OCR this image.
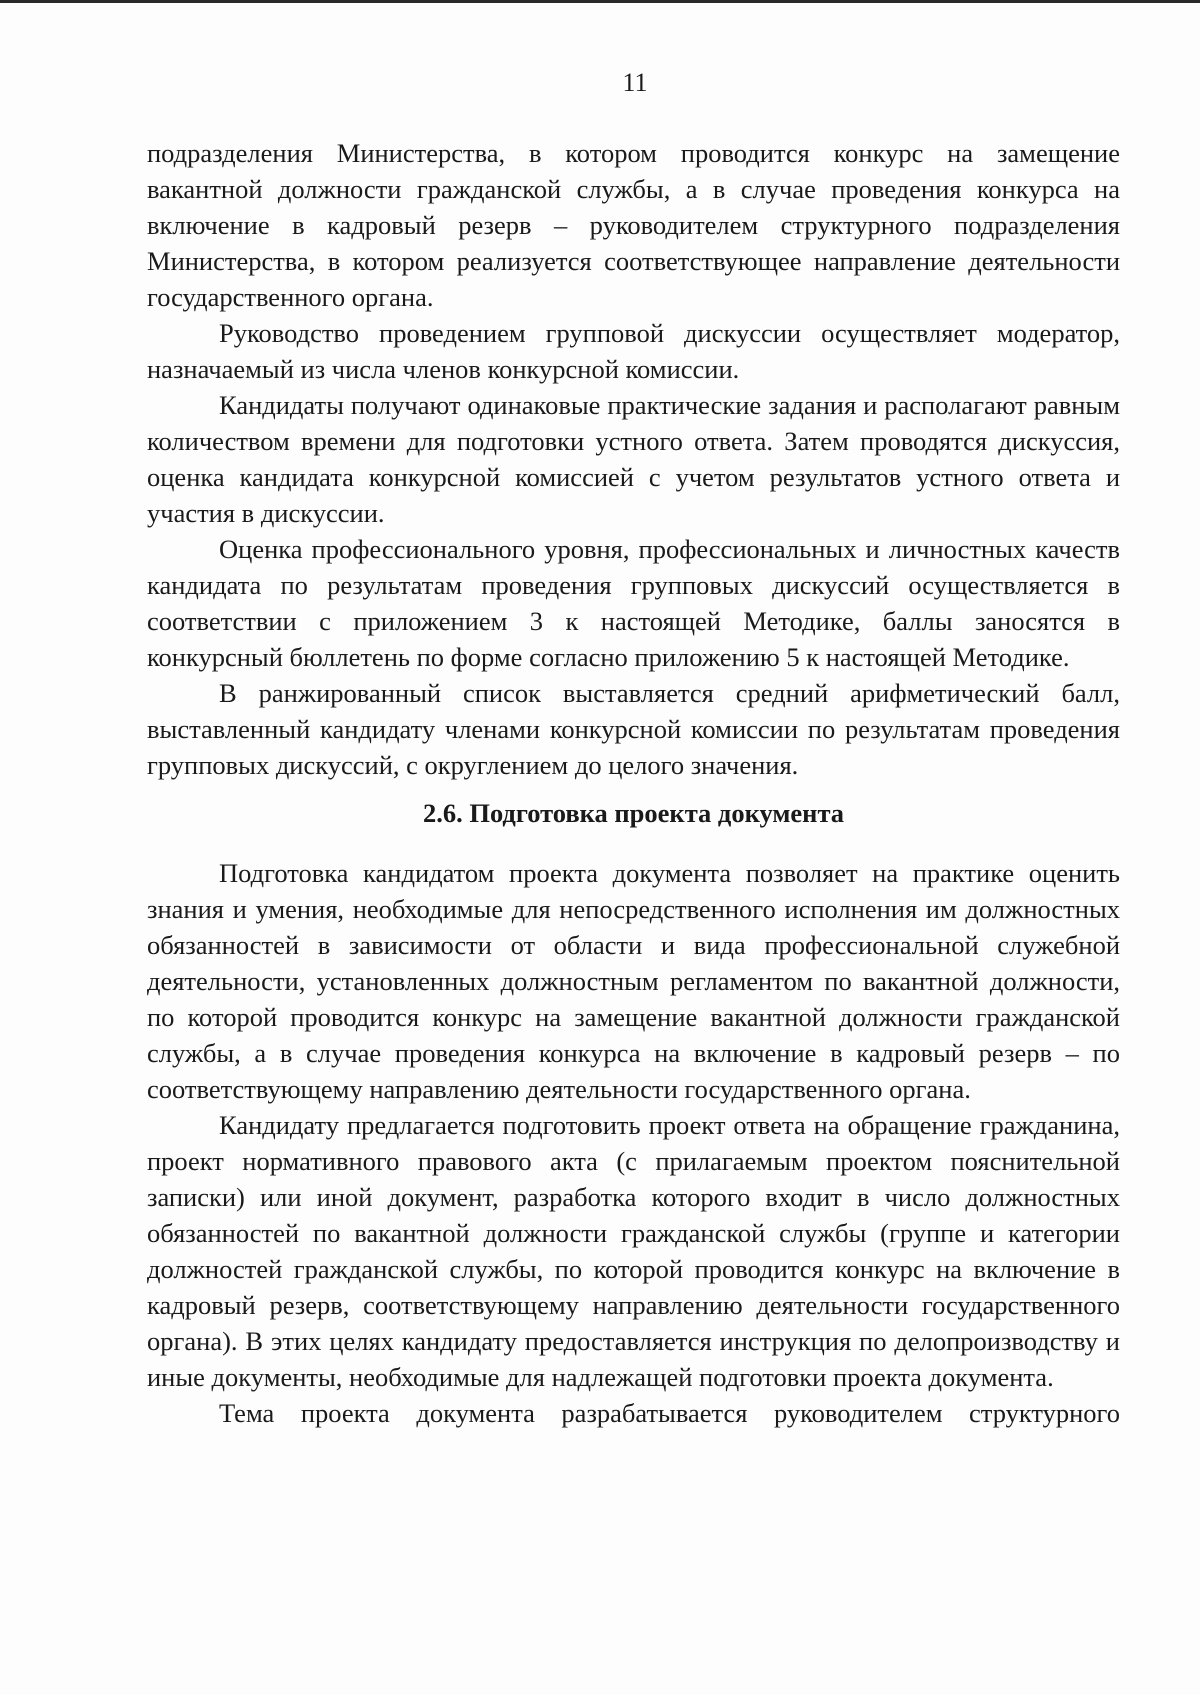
11

подразделения Министерства, в котором проводится конкурс на замещение вакантной должности гражданской службы, а в случае проведения конкурса на включение в кадровый резерв – руководителем структурного подразделения Министерства, в котором реализуется соответствующее направление деятельности государственного органа.

Руководство проведением групповой дискуссии осуществляет модератор, назначаемый из числа членов конкурсной комиссии.

Кандидаты получают одинаковые практические задания и располагают равным количеством времени для подготовки устного ответа. Затем проводятся дискуссия, оценка кандидата конкурсной комиссией с учетом результатов устного ответа и участия в дискуссии.

Оценка профессионального уровня, профессиональных и личностных качеств кандидата по результатам проведения групповых дискуссий осуществляется в соответствии с приложением 3 к настоящей Методике, баллы заносятся в конкурсный бюллетень по форме согласно приложению 5 к настоящей Методике.

В ранжированный список выставляется средний арифметический балл, выставленный кандидату членами конкурсной комиссии по результатам проведения групповых дискуссий, с округлением до целого значения.

2.6. Подготовка проекта документа

Подготовка кандидатом проекта документа позволяет на практике оценить знания и умения, необходимые для непосредственного исполнения им должностных обязанностей в зависимости от области и вида профессиональной служебной деятельности, установленных должностным регламентом по вакантной должности, по которой проводится конкурс на замещение вакантной должности гражданской службы, а в случае проведения конкурса на включение в кадровый резерв – по соответствующему направлению деятельности государственного органа.

Кандидату предлагается подготовить проект ответа на обращение гражданина, проект нормативного правового акта (с прилагаемым проектом пояснительной записки) или иной документ, разработка которого входит в число должностных обязанностей по вакантной должности гражданской службы (группе и категории должностей гражданской службы, по которой проводится конкурс на включение в кадровый резерв, соответствующему направлению деятельности государственного органа). В этих целях кандидату предоставляется инструкция по делопроизводству и иные документы, необходимые для надлежащей подготовки проекта документа.

Тема проекта документа разрабатывается руководителем структурного
